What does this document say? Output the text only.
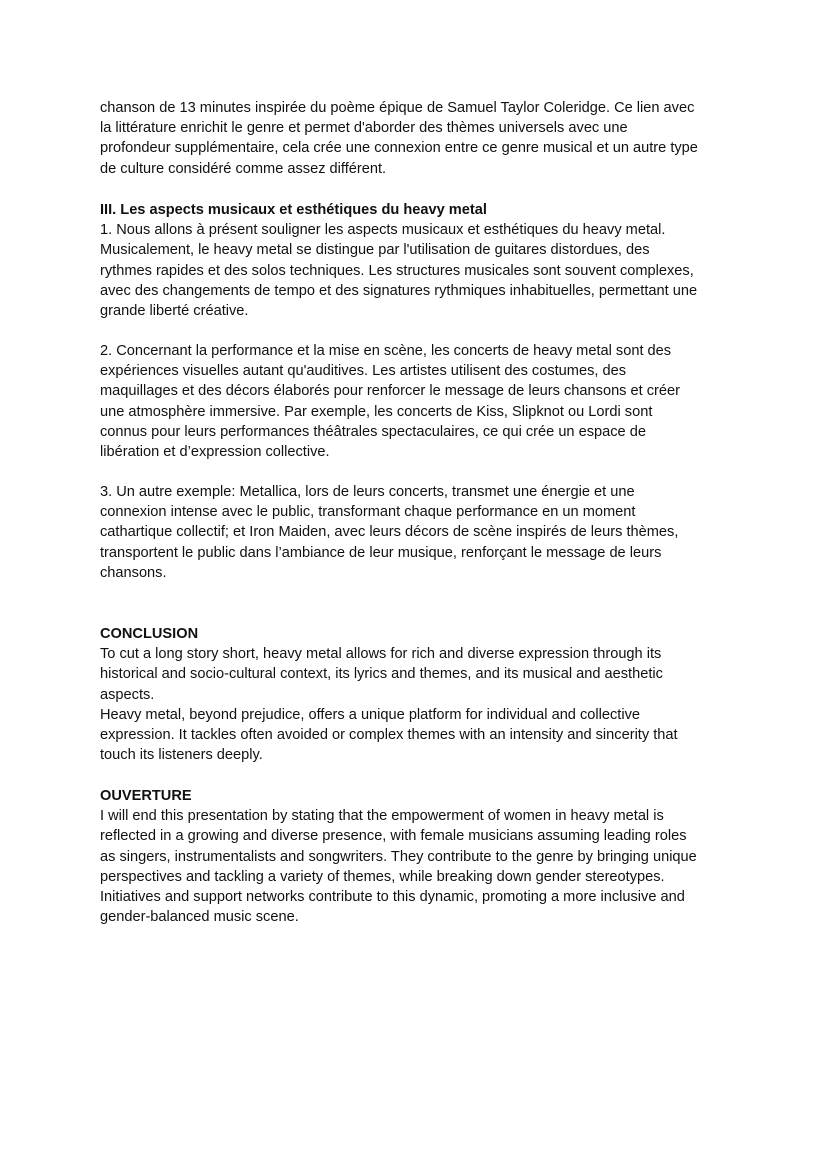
chanson de 13 minutes inspirée du poème épique de Samuel Taylor Coleridge. Ce lien avec
la littérature enrichit le genre et permet d'aborder des thèmes universels avec une
profondeur supplémentaire, cela crée une connexion entre ce genre musical et un autre type
de culture considéré comme assez différent.
III. Les aspects musicaux et esthétiques du heavy metal
1. Nous allons à présent souligner les aspects musicaux et esthétiques du heavy metal.
Musicalement, le heavy metal se distingue par l'utilisation de guitares distordues, des
rythmes rapides et des solos techniques. Les structures musicales sont souvent complexes,
avec des changements de tempo et des signatures rythmiques inhabituelles, permettant une
grande liberté créative.
2. Concernant la performance et la mise en scène, les concerts de heavy metal sont des
expériences visuelles autant qu'auditives. Les artistes utilisent des costumes, des
maquillages et des décors élaborés pour renforcer le message de leurs chansons et créer
une atmosphère immersive. Par exemple, les concerts de Kiss, Slipknot ou Lordi sont
connus pour leurs performances théâtrales spectaculaires, ce qui crée un espace de
libération et d’expression collective.
3. Un autre exemple: Metallica, lors de leurs concerts, transmet une énergie et une
connexion intense avec le public, transformant chaque performance en un moment
cathartique collectif; et Iron Maiden, avec leurs décors de scène inspirés de leurs thèmes,
transportent le public dans l’ambiance de leur musique, renforçant le message de leurs
chansons.
CONCLUSION
To cut a long story short, heavy metal allows for rich and diverse expression through its
historical and socio-cultural context, its lyrics and themes, and its musical and aesthetic
aspects.
Heavy metal, beyond prejudice, offers a unique platform for individual and collective
expression. It tackles often avoided or complex themes with an intensity and sincerity that
touch its listeners deeply.
OUVERTURE
I will end this presentation by stating that the empowerment of women in heavy metal is
reflected in a growing and diverse presence, with female musicians assuming leading roles
as singers, instrumentalists and songwriters. They contribute to the genre by bringing unique
perspectives and tackling a variety of themes, while breaking down gender stereotypes.
Initiatives and support networks contribute to this dynamic, promoting a more inclusive and
gender-balanced music scene.
